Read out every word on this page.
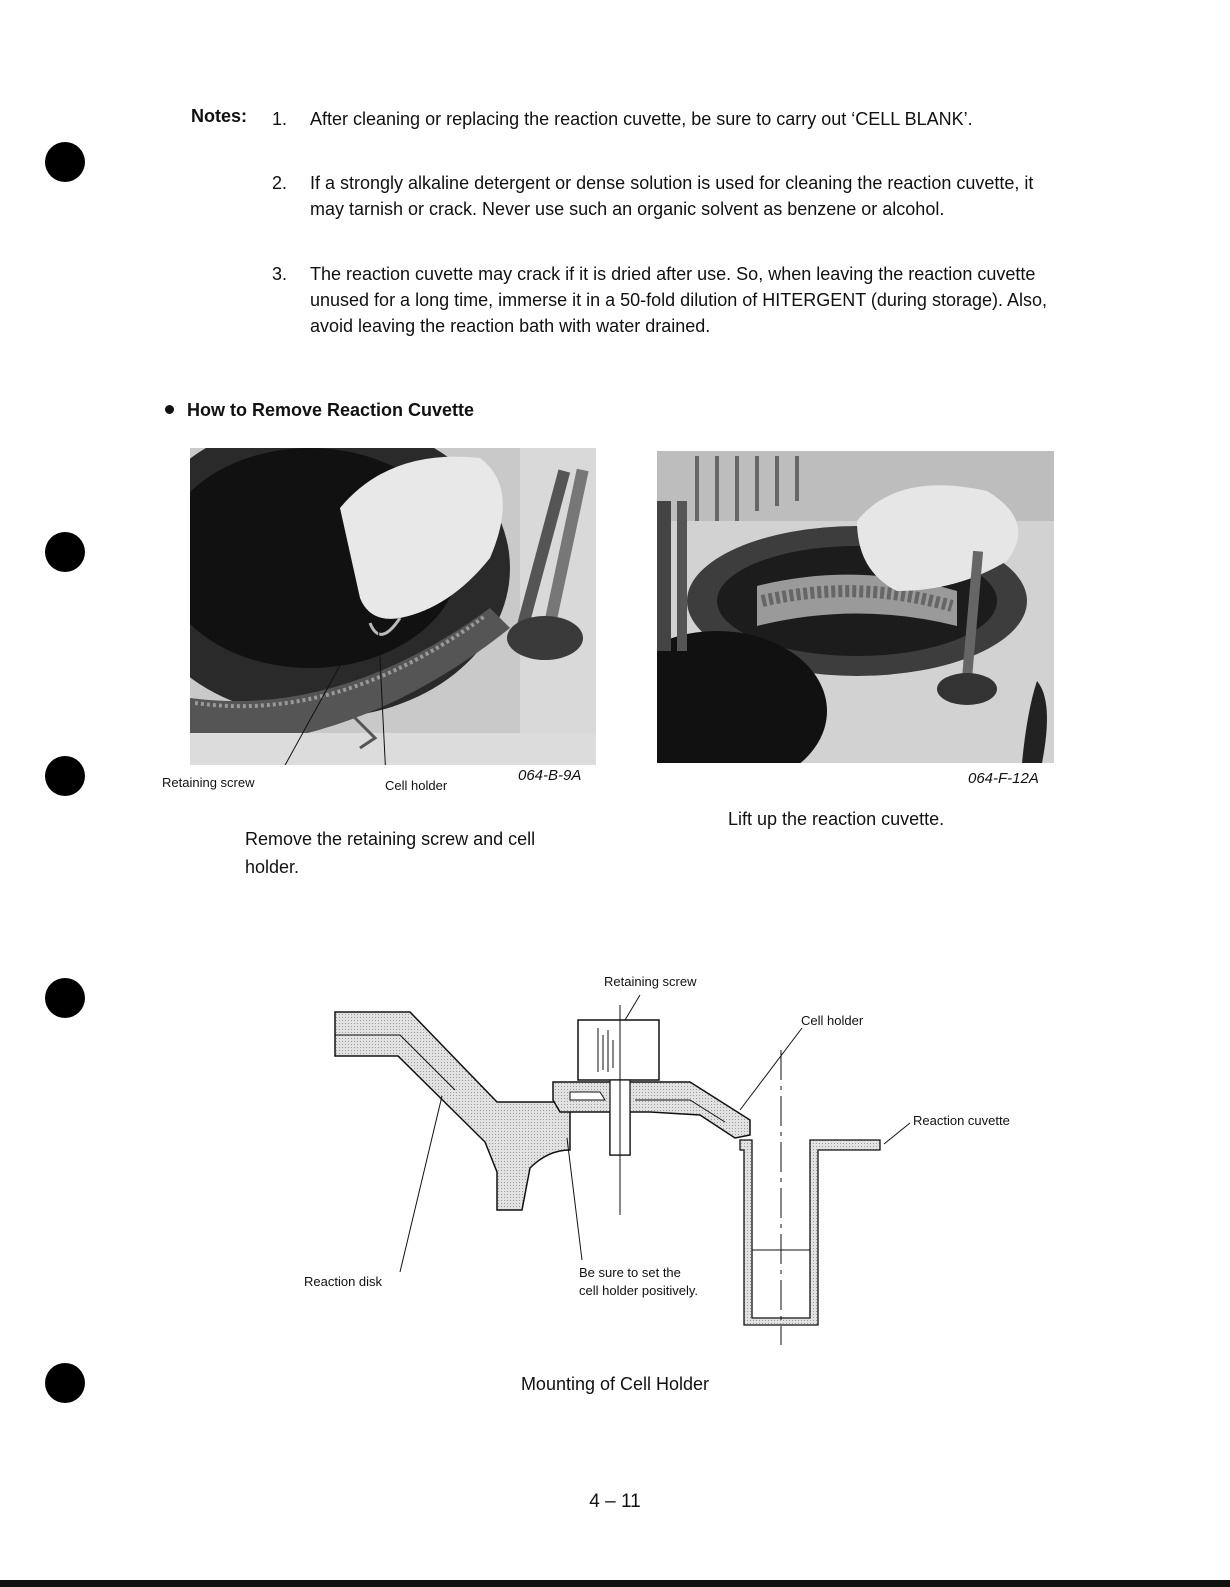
Notes: 1.	After cleaning or replacing the reaction cuvette, be sure to carry out ‘CELL BLANK’.
2.	If a strongly alkaline detergent or dense solution is used for cleaning the reaction cuvette, it may tarnish or crack. Never use such an organic solvent as benzene or alcohol.
3.	The reaction cuvette may crack if it is dried after use. So, when leaving the reaction cuvette unused for a long time, immerse it in a 50-fold dilution of HITERGENT (during storage). Also, avoid leaving the reaction bath with water drained.
How to Remove Reaction Cuvette
Retaining screw	Cell holder
064-B-9A
Remove the retaining screw and cell holder.
064-F-12A
Lift up the reaction cuvette.
Retaining screw
Cell holder
Reaction cuvette
Reaction disk
Be sure to set the
cell holder positively.
Mounting of Cell Holder
4 – 11
